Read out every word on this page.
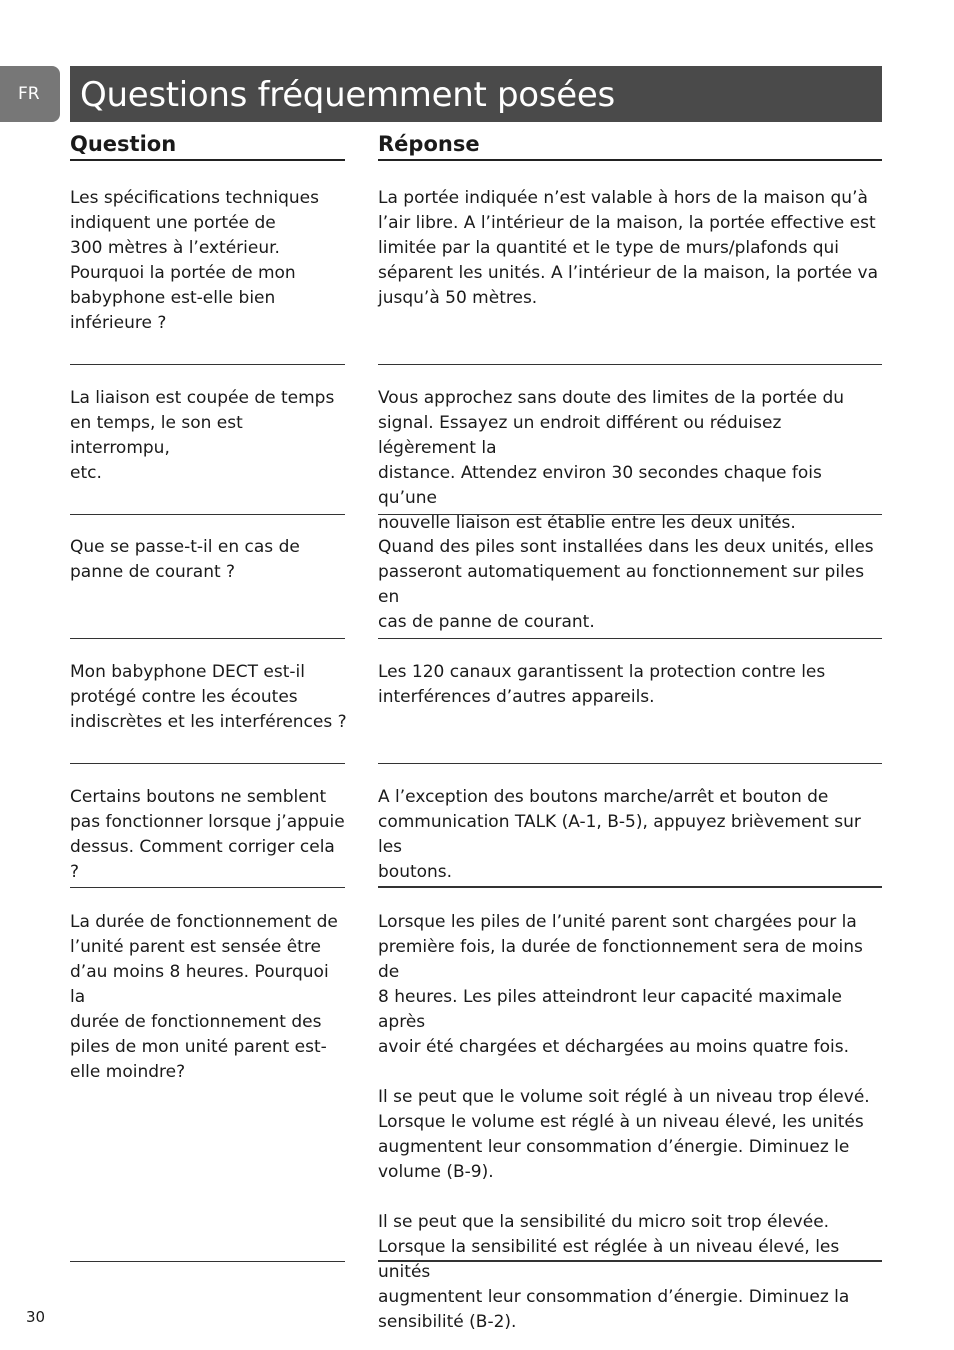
FR	Questions fréquemment posées
Question	Réponse

Les spécifications techniques
indiquent une portée de
300 mètres à l’extérieur.
Pourquoi la portée de mon
babyphone est-elle bien
inférieure ?

La portée indiquée n’est valable à hors de la maison qu’à
l’air libre. A l’intérieur de la maison, la portée effective est
limitée par la quantité et le type de murs/plafonds qui
séparent les unités. A l’intérieur de la maison, la portée va
jusqu’à 50 mètres.

La liaison est coupée de temps
en temps, le son est interrompu,
etc.

Vous approchez sans doute des limites de la portée du
signal. Essayez un endroit différent ou réduisez légèrement la
distance. Attendez environ 30 secondes chaque fois qu’une
nouvelle liaison est établie entre les deux unités.

Que se passe-t-il en cas de
panne de courant ?

Quand des piles sont installées dans les deux unités, elles
passeront automatiquement au fonctionnement sur piles en
cas de panne de courant.

Mon babyphone DECT est-il
protégé contre les écoutes
indiscrètes et les interférences ?

Les 120 canaux garantissent la protection contre les
interférences d’autres appareils.

Certains boutons ne semblent
pas fonctionner lorsque j’appuie
dessus. Comment corriger cela ?

A l’exception des boutons marche/arrêt et bouton de
communication TALK (A-1, B-5), appuyez brièvement sur les
boutons.

La durée de fonctionnement de
l’unité parent est sensée être
d’au moins 8 heures. Pourquoi la
durée de fonctionnement des
piles de mon unité parent est-
elle moindre?

Lorsque les piles de l’unité parent sont chargées pour la
première fois, la durée de fonctionnement sera de moins de
8 heures. Les piles atteindront leur capacité maximale après
avoir été chargées et déchargées au moins quatre fois.

Il se peut que le volume soit réglé à un niveau trop élevé.
Lorsque le volume est réglé à un niveau élevé, les unités
augmentent leur consommation d’énergie. Diminuez le
volume (B-9).

Il se peut que la sensibilité du micro soit trop élevée.
Lorsque la sensibilité est réglée à un niveau élevé, les unités
augmentent leur consommation d’énergie. Diminuez la
sensibilité (B-2).

30
